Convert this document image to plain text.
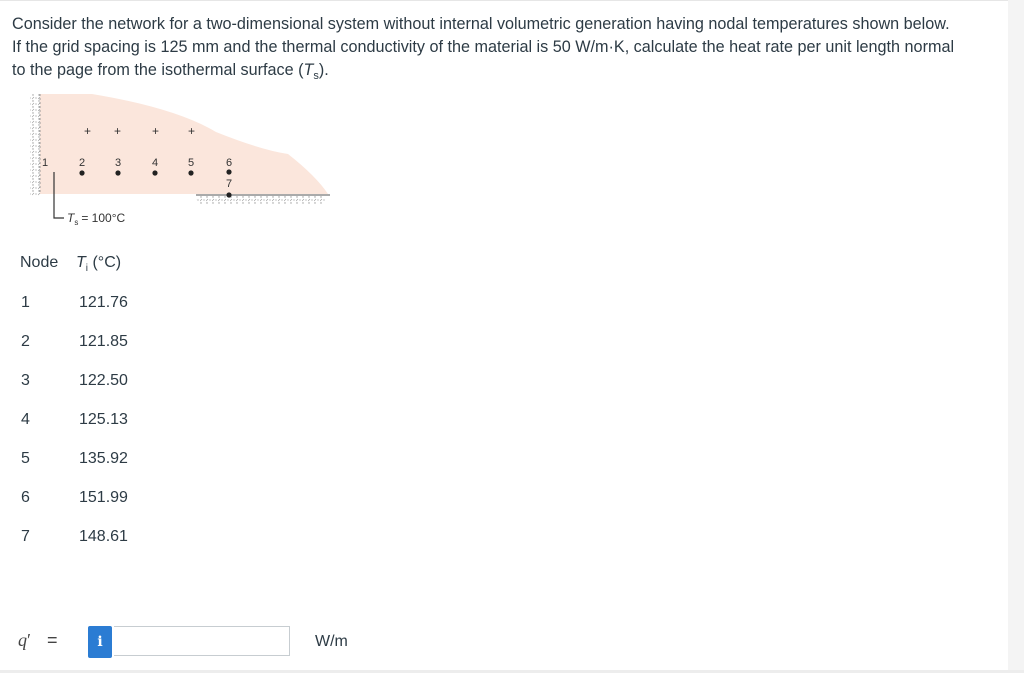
Consider the network for a two-dimensional system without internal volumetric generation having nodal temperatures shown below.
If the grid spacing is 125 mm and the thermal conductivity of the material is 50 W/m·K, calculate the heat rate per unit length normal
to the page from the isothermal surface $(T_s)$.
+ +	+ +
1	2	3	4	5	6
7
$T_s = 100^\circ C$
Node $T_i$ (°C)
1	121.76
2	121.85
3	122.50
4	125.13
5	135.92
6	151.99
7	148.61
q′ =	i	W/m
